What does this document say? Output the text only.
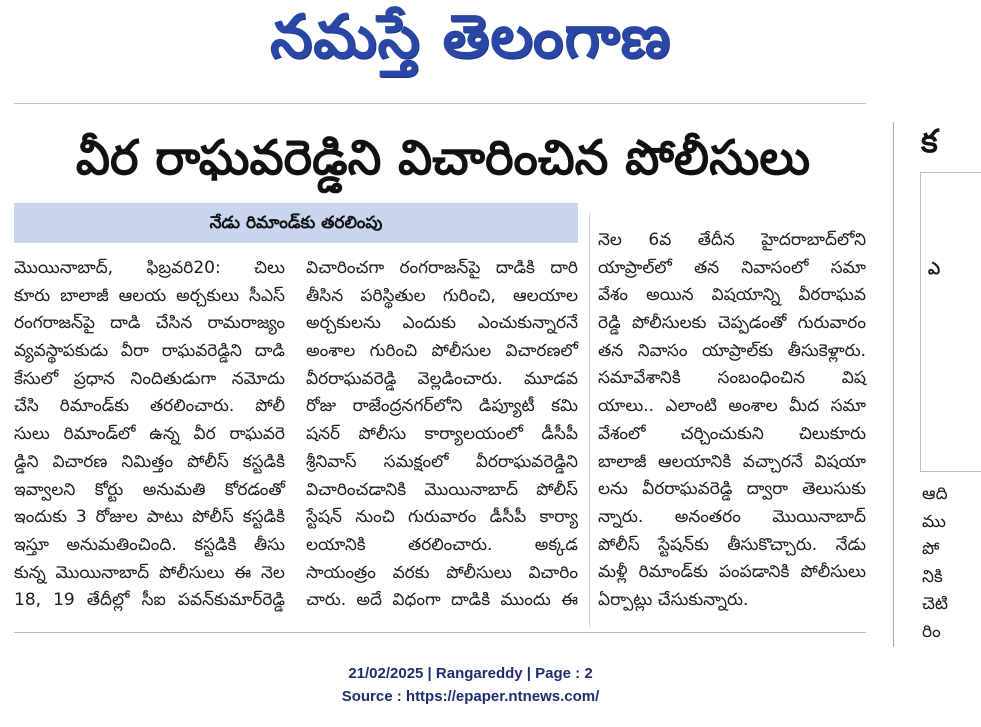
నమస్తే తెలంగాణ
వీర రాఘవరెడ్డిని విచారించిన పోలీసులు
నేడు రిమాండ్‌కు తరలింపు
మొయినాబాద్, ఫిబ్రవరి20: చిలు
కూరు బాలాజీ ఆలయ అర్చకులు సీఎస్
రంగరాజన్‌పై దాడి చేసిన రామరాజ్యం
వ్యవస్థాపకుడు వీరా రాఘవరెడ్డిని దాడి
కేసులో ప్రధాన నిందితుడుగా నమోదు
చేసి రిమాండ్‌కు తరలించారు. పోలీ
సులు రిమాండ్‌లో ఉన్న వీర రాఘవరె
డ్డిని విచారణ నిమిత్తం పోలీస్ కస్టడికి
ఇవ్వాలని కోర్టు అనుమతి కోరడంతో
ఇందుకు 3 రోజుల పాటు పోలీస్ కస్టడికి
ఇస్తూ అనుమతించింది. కస్టడికి తీసు
కున్న మొయినాబాద్ పోలీసులు ఈ నెల
18, 19 తేదీల్లో సీఐ పవన్‌కుమార్‌రెడ్డి
విచారించగా రంగరాజన్‌పై దాడికి దారి
తీసిన పరిస్థితుల గురించి, ఆలయాల
అర్చకులను ఎందుకు ఎంచుకున్నారనే
అంశాల గురించి పోలీసుల విచారణలో
వీరరాఘవరెడ్డి వెల్లడించారు. మూడవ
రోజు రాజేంద్రనగర్‌లోని డిప్యూటీ కమి
షనర్ పోలీసు కార్యాలయంలో డీసీపీ
శ్రీనివాస్ సమక్షంలో వీరరాఘవరెడ్డిని
విచారించడానికి మొయినాబాద్ పోలీస్
స్టేషన్ నుంచి గురువారం డీసీపీ కార్యా
లయానికి తరలించారు. అక్కడ
సాయంత్రం వరకు పోలీసులు విచారిం
చారు. అదే విధంగా దాడికి ముందు ఈ
నెల 6వ తేదీన హైదరాబాద్‌లోని
యాప్రాల్‌లో తన నివాసంలో సమా
వేశం అయిన విషయాన్ని వీరరాఘవ
రెడ్డి పోలీసులకు చెప్పడంతో గురువారం
తన నివాసం యాప్రాల్‌కు తీసుకెళ్లారు.
సమావేశానికి సంబంధించిన విష
యాలు.. ఎలాంటి అంశాల మీద సమా
వేశంలో చర్చించుకుని చిలుకూరు
బాలాజీ ఆలయానికి వచ్చారనే విషయా
లను వీరరాఘవరెడ్డి ద్వారా తెలుసుకు
న్నారు. అనంతరం మొయినాబాద్
పోలీస్ స్టేషన్‌కు తీసుకొచ్చారు. నేడు
మళ్లీ రిమాండ్‌కు పంపడానికి పోలీసులు
ఏర్పాట్లు చేసుకున్నారు.
క
ఎ
ఆది
ము
పో
నికి
చెటి
రిం
21/02/2025 | Rangareddy | Page : 2
Source : https://epaper.ntnews.com/
